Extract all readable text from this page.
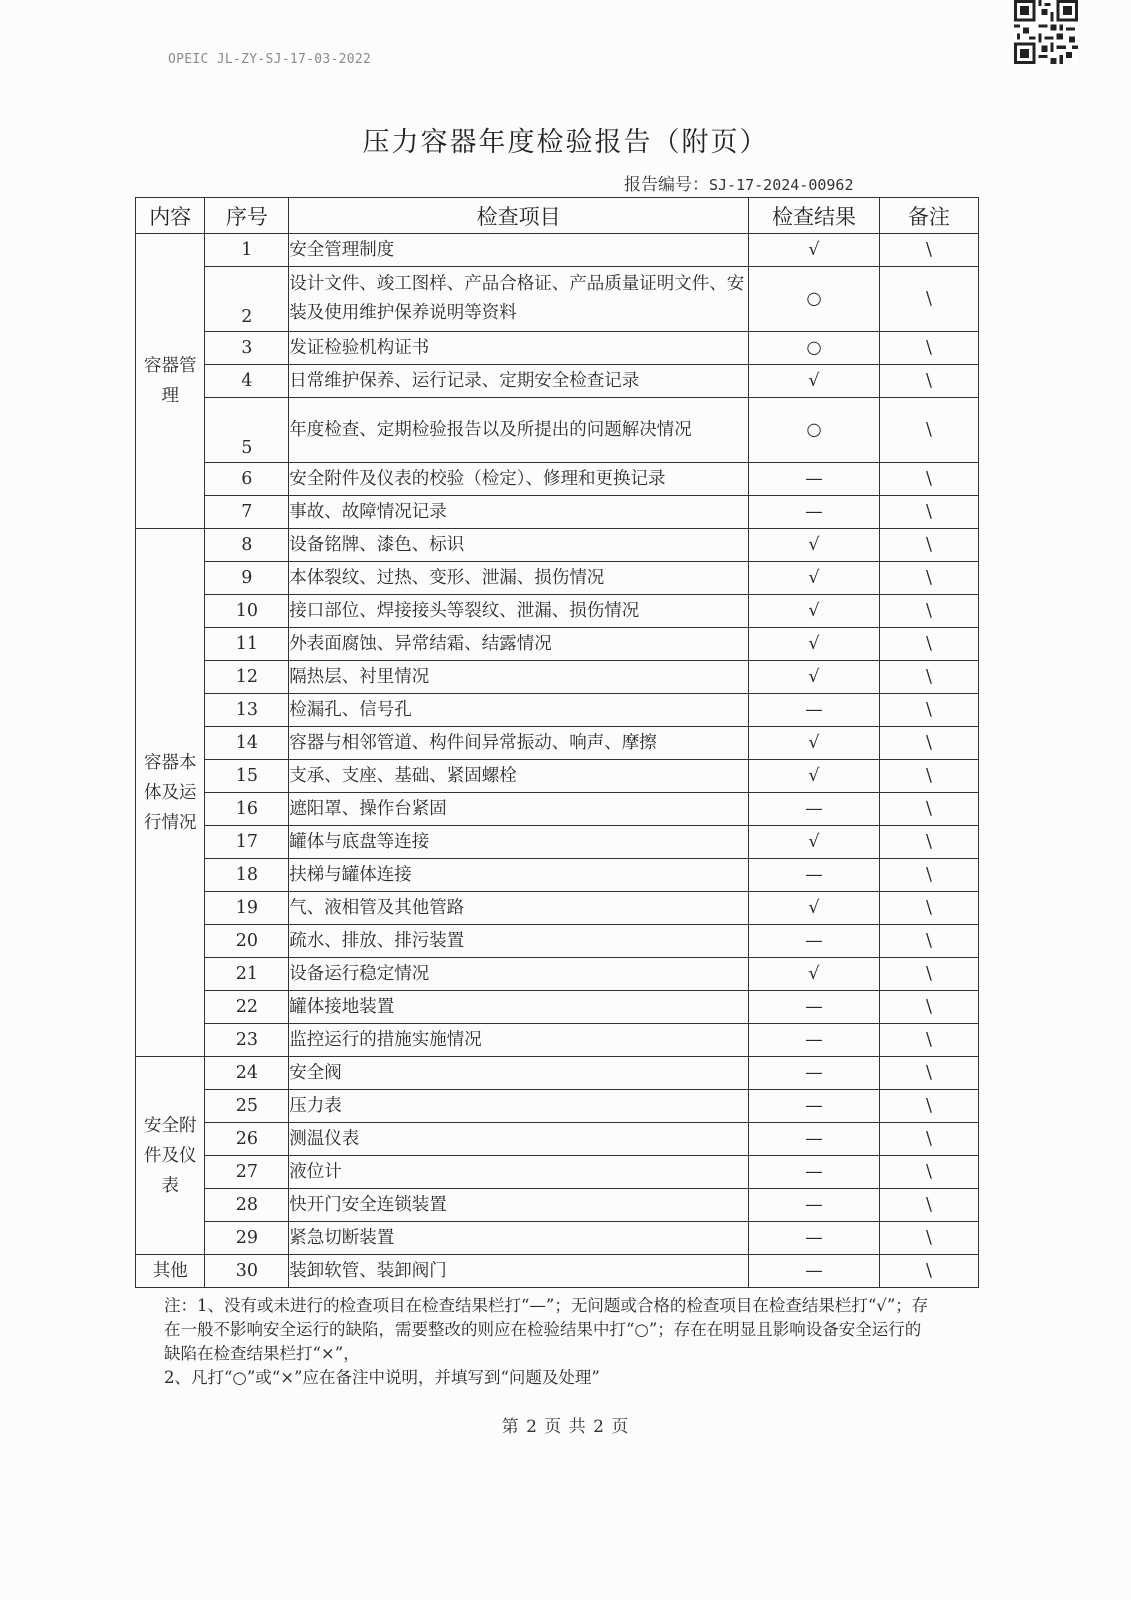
OPEIC JL-ZY-SJ-17-03-2022
压力容器年度检验报告（附页）
报告编号：SJ-17-2024-00962
内容	序号	检查项目	检查结果	备注
容器管理	1	安全管理制度	√	\
	2	设计文件、竣工图样、产品合格证、产品质量证明文件、安装及使用维护保养说明等资料	○	\
	3	发证检验机构证书	○	\
	4	日常维护保养、运行记录、定期安全检查记录	√	\
	5	年度检查、定期检验报告以及所提出的问题解决情况	○	\
	6	安全附件及仪表的校验（检定）、修理和更换记录	—	\
	7	事故、故障情况记录	—	\
容器本体及运行情况	8	设备铭牌、漆色、标识	√	\
	9	本体裂纹、过热、变形、泄漏、损伤情况	√	\
	10	接口部位、焊接接头等裂纹、泄漏、损伤情况	√	\
	11	外表面腐蚀、异常结霜、结露情况	√	\
	12	隔热层、衬里情况	√	\
	13	检漏孔、信号孔	—	\
	14	容器与相邻管道、构件间异常振动、响声、摩擦	√	\
	15	支承、支座、基础、紧固螺栓	√	\
	16	遮阳罩、操作台紧固	—	\
	17	罐体与底盘等连接	√	\
	18	扶梯与罐体连接	—	\
	19	气、液相管及其他管路	√	\
	20	疏水、排放、排污装置	—	\
	21	设备运行稳定情况	√	\
	22	罐体接地装置	—	\
	23	监控运行的措施实施情况	—	\
安全附件及仪表	24	安全阀	—	\
	25	压力表	—	\
	26	测温仪表	—	\
	27	液位计	—	\
	28	快开门安全连锁装置	—	\
	29	紧急切断装置	—	\
其他	30	装卸软管、装卸阀门	—	\
注：1、没有或未进行的检查项目在检查结果栏打“—”；无问题或合格的检查项目在检查结果栏打“√”；存在一般不影响安全运行的缺陷，需要整改的则应在检验结果中打“○”；存在在明显且影响设备安全运行的缺陷在检查结果栏打“×”，
2、凡打“○”或“×”应在备注中说明，并填写到“问题及处理”
第 2 页 共 2 页
